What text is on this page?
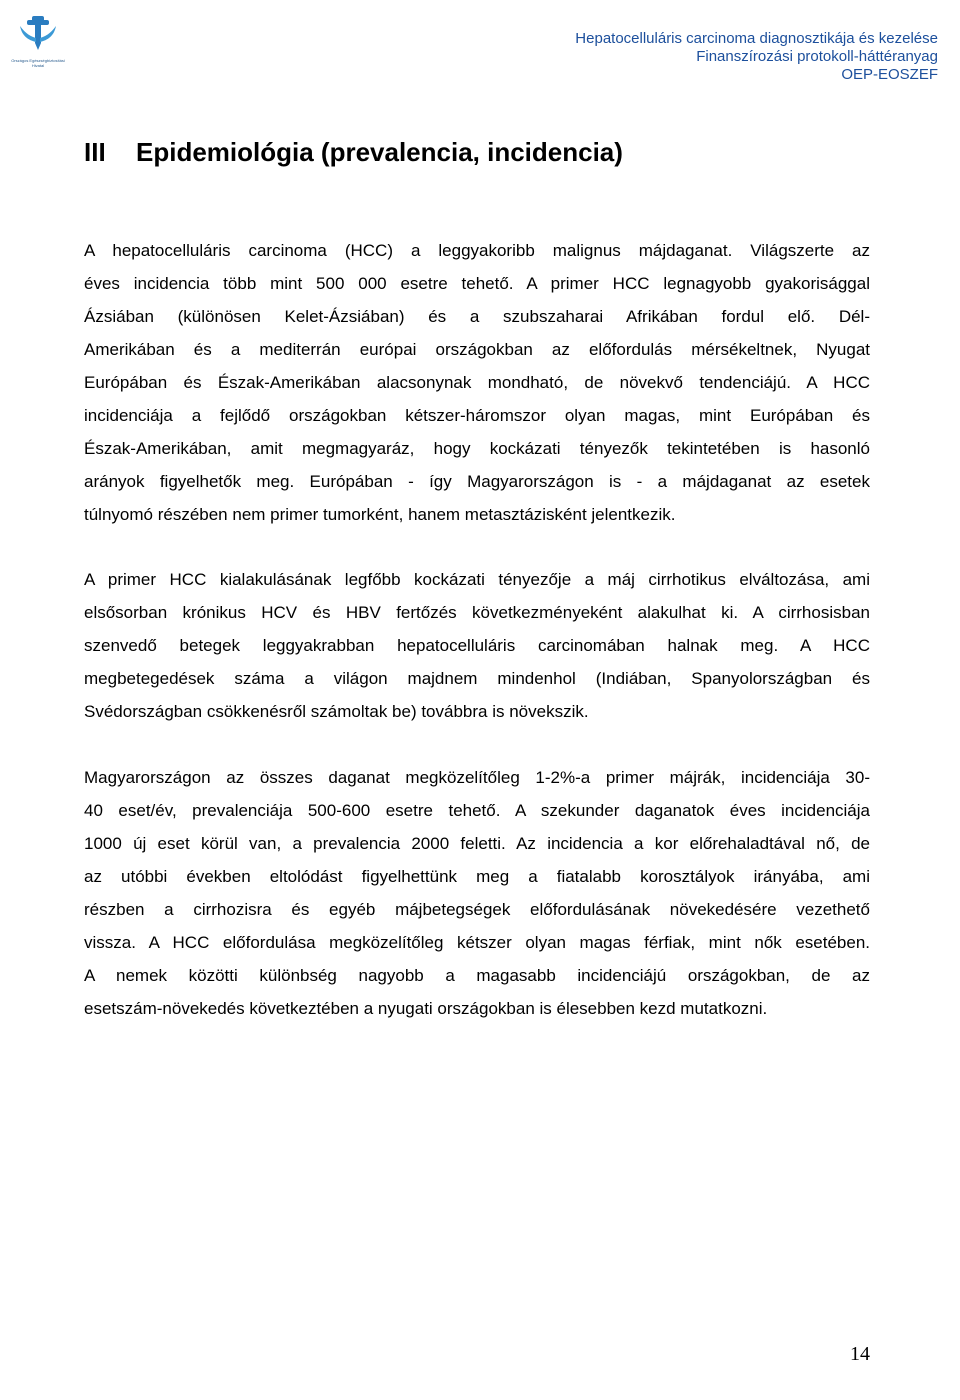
Országos Egészségbiztosítási Hivatal
Hepatocelluláris carcinoma diagnosztikája és kezelése
Finanszírozási protokoll-háttéranyag
OEP-EOSZEF
III Epidemiológia (prevalencia, incidencia)
A hepatocelluláris carcinoma (HCC) a leggyakoribb malignus májdaganat. Világszerte az
éves incidencia több mint 500 000 esetre tehető. A primer HCC legnagyobb gyakorisággal
Ázsiában (különösen Kelet-Ázsiában) és a szubszaharai Afrikában fordul elő. Dél-
Amerikában és a mediterrán európai országokban az előfordulás mérsékeltnek, Nyugat
Európában és Észak-Amerikában alacsonynak mondható, de növekvő tendenciájú. A HCC
incidenciája a fejlődő országokban kétszer-háromszor olyan magas, mint Európában és
Észak-Amerikában, amit megmagyaráz, hogy kockázati tényezők tekintetében is hasonló
arányok figyelhetők meg. Európában - így Magyarországon is - a májdaganat az esetek
túlnyomó részében nem primer tumorként, hanem metasztázisként jelentkezik.
A primer HCC kialakulásának legfőbb kockázati tényezője a máj cirrhotikus elváltozása, ami
elsősorban krónikus HCV és HBV fertőzés következményeként alakulhat ki. A cirrhosisban
szenvedő betegek leggyakrabban hepatocelluláris carcinomában halnak meg. A HCC
megbetegedések száma a világon majdnem mindenhol (Indiában, Spanyolországban és
Svédországban csökkenésről számoltak be) továbbra is növekszik.
Magyarországon az összes daganat megközelítőleg 1-2%-a primer májrák, incidenciája 30-
40 eset/év, prevalenciája 500-600 esetre tehető. A szekunder daganatok éves incidenciája
1000 új eset körül van, a prevalencia 2000 feletti. Az incidencia a kor előrehaladtával nő, de
az utóbbi években eltolódást figyelhettünk meg a fiatalabb korosztályok irányába, ami
részben a cirrhozisra és egyéb májbetegségek előfordulásának növekedésére vezethető
vissza. A HCC előfordulása megközelítőleg kétszer olyan magas férfiak, mint nők esetében.
A nemek közötti különbség nagyobb a magasabb incidenciájú országokban, de az
esetszám-növekedés következtében a nyugati országokban is élesebben kezd mutatkozni.
14
